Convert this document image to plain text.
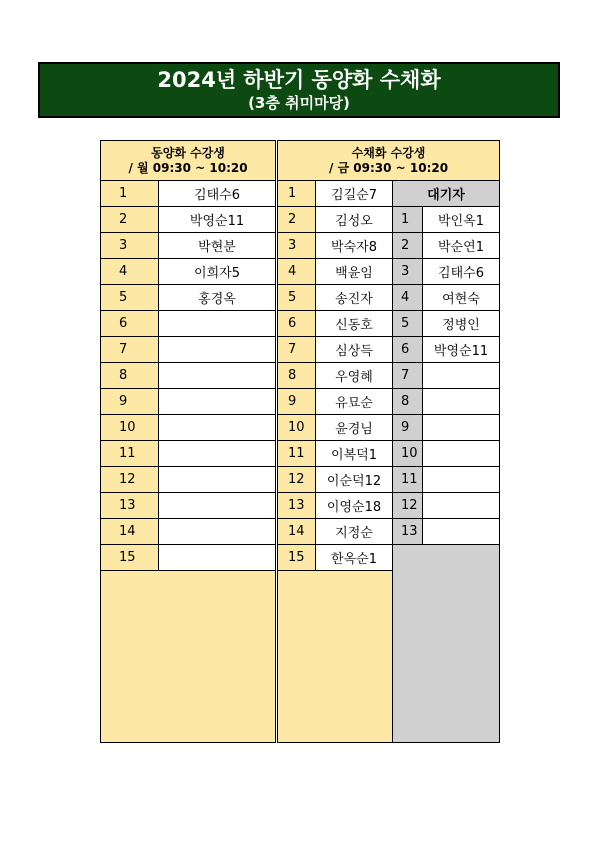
2024년 하반기 동양화 수채화
(3층 취미마당)
동양화 수강생
/ 월 09:30 ~ 10:20	

1	김태수6
2	박영순11
3	박현분
4	이희자5
5	홍경옥
6	
7	
8	
9	
10	
11	
12	
13	
14	
15	

수채화 수강생
/ 금 09:30 ~ 10:20			

1	김길순7	대기자	
2	김성오	1	박인옥1
3	박숙자8	2	박순연1
4	백윤임	3	김태수6
5	송진자	4	여현숙
6	신동호	5	정병인
7	심상득	6	박영순11
8	우영혜	7	
9	유묘순	8	
10	윤경님	9	
11	이복덕1	10	
12	이순덕12	11	
13	이영순18	12	
14	지정순	13	
15	한옥순1		
